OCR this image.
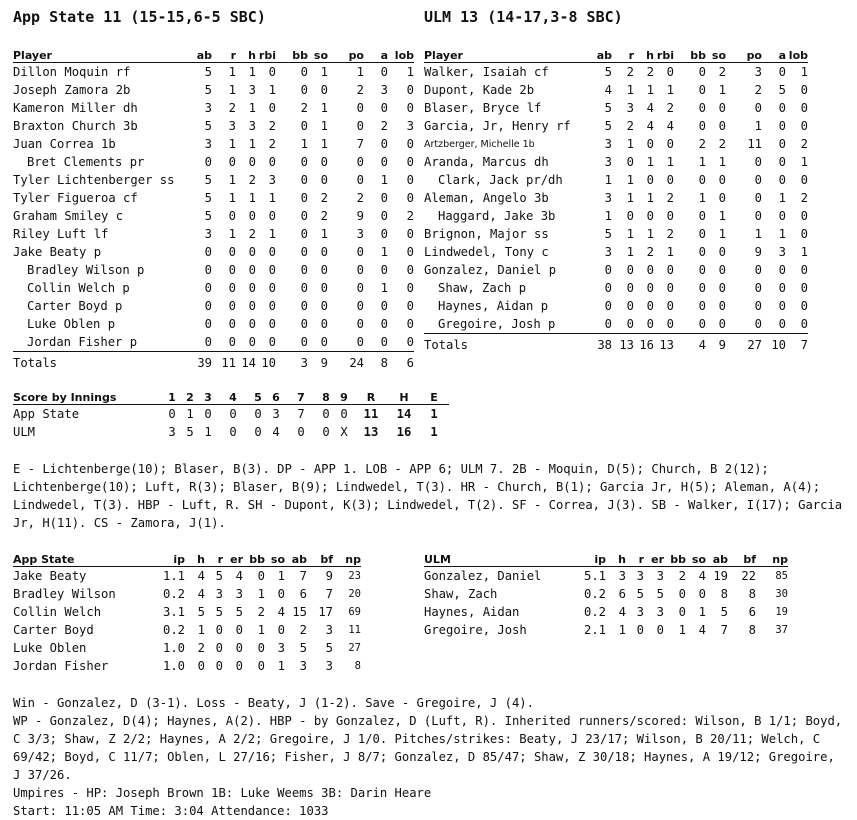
App State 11 (15-15,6-5 SBC)	ULM 13 (14-17,3-8 SBC)
Player	ab	r	h	rbi	bb	so	po	a	lob
Dillon Moquin rf	5	1	1	0	0	1	1	0	1
Joseph Zamora 2b	5	1	3	1	0	0	2	3	0
Kameron Miller dh	3	2	1	0	2	1	0	0	0
Braxton Church 3b	5	3	3	2	0	1	0	2	3
Juan Correa 1b	3	1	1	2	1	1	7	0	0
Bret Clements pr	0	0	0	0	0	0	0	0	0
Tyler Lichtenberger ss	5	1	2	3	0	0	0	1	0
Tyler Figueroa cf	5	1	1	1	0	2	2	0	0
Graham Smiley c	5	0	0	0	0	2	9	0	2
Riley Luft lf	3	1	2	1	0	1	3	0	0
Jake Beaty p	0	0	0	0	0	0	0	1	0
Bradley Wilson p	0	0	0	0	0	0	0	0	0
Collin Welch p	0	0	0	0	0	0	0	1	0
Carter Boyd p	0	0	0	0	0	0	0	0	0
Luke Oblen p	0	0	0	0	0	0	0	0	0
Jordan Fisher p	0	0	0	0	0	0	0	0	0
Totals	39	11	14	10	3	9	24	8	6
Player	ab	r	h	rbi	bb	so	po	a	lob
Walker, Isaiah cf	5	2	2	0	0	2	3	0	1
Dupont, Kade 2b	4	1	1	1	0	1	2	5	0
Blaser, Bryce lf	5	3	4	2	0	0	0	0	0
Garcia, Jr, Henry rf	5	2	4	4	0	0	1	0	0
Artzberger, Michelle 1b	3	1	0	0	2	2	11	0	2
Aranda, Marcus dh	3	0	1	1	1	1	0	0	1
Clark, Jack pr/dh	1	1	0	0	0	0	0	0	0
Aleman, Angelo 3b	3	1	1	2	1	0	0	1	2
Haggard, Jake 3b	1	0	0	0	0	1	0	0	0
Brignon, Major ss	5	1	1	2	0	1	1	1	0
Lindwedel, Tony c	3	1	2	1	0	0	9	3	1
Gonzalez, Daniel p	0	0	0	0	0	0	0	0	0
Shaw, Zach p	0	0	0	0	0	0	0	0	0
Haynes, Aidan p	0	0	0	0	0	0	0	0	0
Gregoire, Josh p	0	0	0	0	0	0	0	0	0
Totals	38	13	16	13	4	9	27	10	7
Score by Innings	1	2	3	4	5	6	7	8	9	R	H	E
App State	0	1	0	0	0	3	7	0	0	11	14	1
ULM	3	5	1	0	0	4	0	0	X	13	16	1
E - Lichtenberge(10); Blaser, B(3). DP - APP 1. LOB - APP 6; ULM 7. 2B - Moquin, D(5); Church, B 2(12); Lichtenberge(10); Luft, R(3); Blaser, B(9); Lindwedel, T(3). HR - Church, B(1); Garcia Jr, H(5); Aleman, A(4); Lindwedel, T(3). HBP - Luft, R. SH - Dupont, K(3); Lindwedel, T(2). SF - Correa, J(3). SB - Walker, I(17); Garcia Jr, H(11). CS - Zamora, J(1).
App State	ip	h	r	er	bb	so	ab	bf	np
Jake Beaty	1.1	4	5	4	0	1	7	9	23
Bradley Wilson	0.2	4	3	3	1	0	6	7	20
Collin Welch	3.1	5	5	5	2	4	15	17	69
Carter Boyd	0.2	1	0	0	1	0	2	3	11
Luke Oblen	1.0	2	0	0	0	3	5	5	27
Jordan Fisher	1.0	0	0	0	0	1	3	3	8
ULM	ip	h	r	er	bb	so	ab	bf	np
Gonzalez, Daniel	5.1	3	3	3	2	4	19	22	85
Shaw, Zach	0.2	6	5	5	0	0	8	8	30
Haynes, Aidan	0.2	4	3	3	0	1	5	6	19
Gregoire, Josh	2.1	1	0	0	1	4	7	8	37
Win - Gonzalez, D (3-1). Loss - Beaty, J (1-2). Save - Gregoire, J (4).
WP - Gonzalez, D(4); Haynes, A(2). HBP - by Gonzalez, D (Luft, R). Inherited runners/scored: Wilson, B 1/1; Boyd, C 3/3; Shaw, Z 2/2; Haynes, A 2/2; Gregoire, J 1/0. Pitches/strikes: Beaty, J 23/17; Wilson, B 20/11; Welch, C 69/42; Boyd, C 11/7; Oblen, L 27/16; Fisher, J 8/7; Gonzalez, D 85/47; Shaw, Z 30/18; Haynes, A 19/12; Gregoire, J 37/26.
Umpires - HP: Joseph Brown 1B: Luke Weems 3B: Darin Heare
Start: 11:05 AM Time: 3:04 Attendance: 1033
